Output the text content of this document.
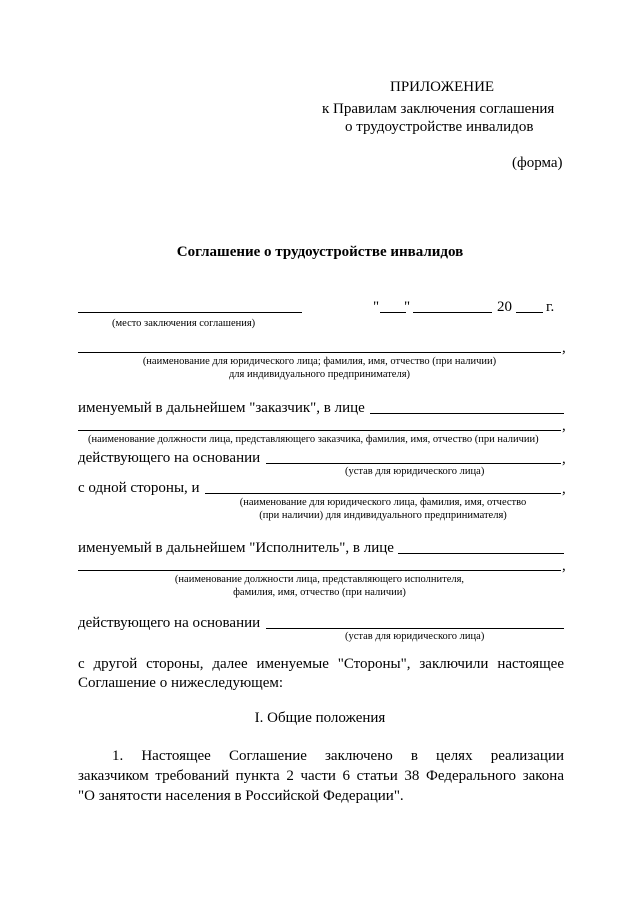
ПРИЛОЖЕНИЕ
к Правилам заключения соглашения
о трудоустройстве инвалидов
(форма)
Соглашение о трудоустройстве инвалидов
(место заключения соглашения)
" "	20 г.
,
(наименование для юридического лица; фамилия, имя, отчество (при наличии)
для индивидуального предпринимателя)
именуемый в дальнейшем "заказчик", в лице
,
(наименование должности лица, представляющего заказчика, фамилия, имя, отчество (при наличии)
действующего на основании	,
(устав для юридического лица)
с одной стороны, и	,
(наименование для юридического лица, фамилия, имя, отчество
(при наличии) для индивидуального предпринимателя)
именуемый в дальнейшем "Исполнитель", в лице
,
(наименование должности лица, представляющего исполнителя,
фамилия, имя, отчество (при наличии)
действующего на основании
(устав для юридического лица)
с другой стороны, далее именуемые "Стороны", заключили настоящее
Соглашение о нижеследующем:
I. Общие положения
1. Настоящее Соглашение заключено в целях реализации
заказчиком требований пункта 2 части 6 статьи 38 Федерального закона
"О занятости населения в Российской Федерации".
